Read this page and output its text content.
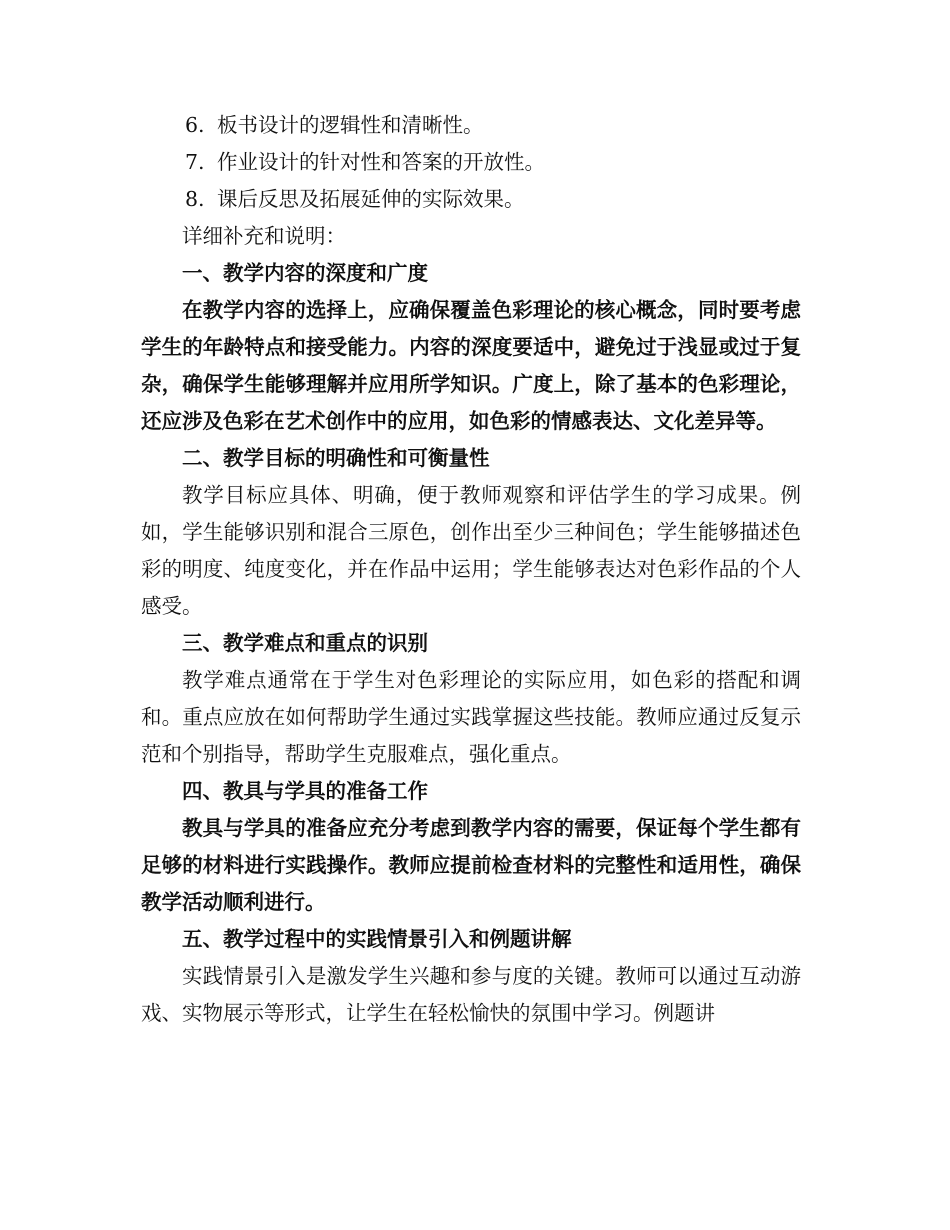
6. 板书设计的逻辑性和清晰性。
7. 作业设计的针对性和答案的开放性。
8. 课后反思及拓展延伸的实际效果。

详细补充和说明：

一、教学内容的深度和广度

在教学内容的选择上，应确保覆盖色彩理论的核心概念，同时要考虑学生的年龄特点和接受能力。内容的深度要适中，避免过于浅显或过于复杂，确保学生能够理解并应用所学知识。广度上，除了基本的色彩理论，还应涉及色彩在艺术创作中的应用，如色彩的情感表达、文化差异等。

二、教学目标的明确性和可衡量性

教学目标应具体、明确，便于教师观察和评估学生的学习成果。例如，学生能够识别和混合三原色，创作出至少三种间色；学生能够描述色彩的明度、纯度变化，并在作品中运用；学生能够表达对色彩作品的个人感受。

三、教学难点和重点的识别

教学难点通常在于学生对色彩理论的实际应用，如色彩的搭配和调和。重点应放在如何帮助学生通过实践掌握这些技能。教师应通过反复示范和个别指导，帮助学生克服难点，强化重点。

四、教具与学具的准备工作

教具与学具的准备应充分考虑到教学内容的需要，保证每个学生都有足够的材料进行实践操作。教师应提前检查材料的完整性和适用性，确保教学活动顺利进行。

五、教学过程中的实践情景引入和例题讲解

实践情景引入是激发学生兴趣和参与度的关键。教师可以通过互动游戏、实物展示等形式，让学生在轻松愉快的氛围中学习。例题讲
